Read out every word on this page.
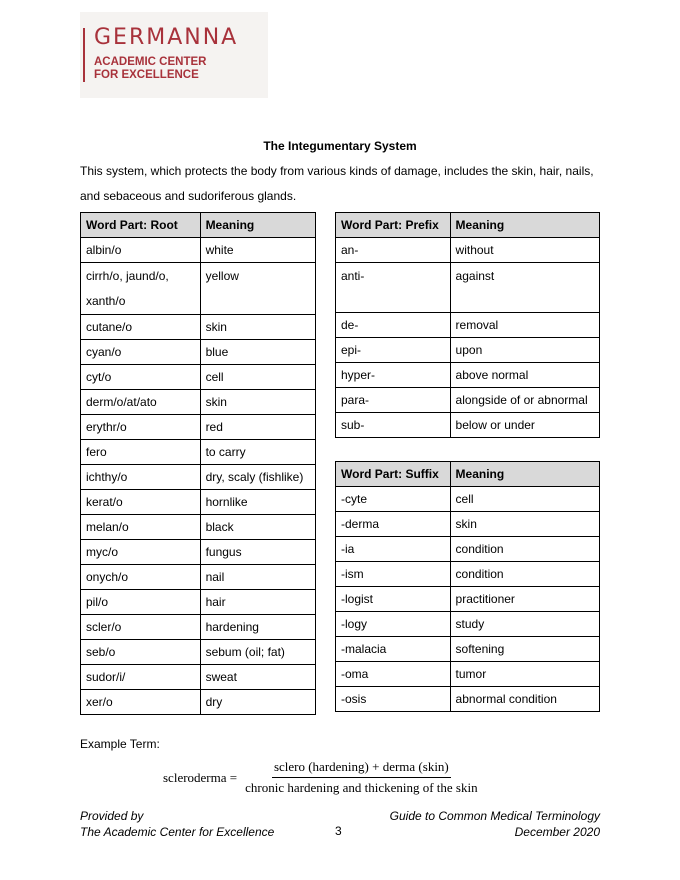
GERMANNA
ACADEMIC CENTER
FOR EXCELLENCE
The Integumentary System
This system, which protects the body from various kinds of damage, includes the skin, hair, nails, and sebaceous and sudoriferous glands.
Word Part: Root	Meaning
albin/o	white
cirrh/o, jaund/o, xanth/o	yellow
cutane/o	skin
cyan/o	blue
cyt/o	cell
derm/o/at/ato	skin
erythr/o	red
fero	to carry
ichthy/o	dry, scaly (fishlike)
kerat/o	hornlike
melan/o	black
myc/o	fungus
onych/o	nail
pil/o	hair
scler/o	hardening
seb/o	sebum (oil; fat)
sudor/i/	sweat
xer/o	dry
Word Part: Prefix	Meaning
an-	without
anti-	against
de-	removal
epi-	upon
hyper-	above normal
para-	alongside of or abnormal
sub-	below or under
Word Part: Suffix	Meaning
-cyte	cell
-derma	skin
-ia	condition
-ism	condition
-logist	practitioner
-logy	study
-malacia	softening
-oma	tumor
-osis	abnormal condition
Example Term:
scleroderma = $\frac{\text{sclero (hardening) + derma (skin)}}{\text{chronic hardening and thickening of the skin}}$
Provided by
The Academic Center for Excellence	3
Guide to Common Medical Terminology
December 2020
